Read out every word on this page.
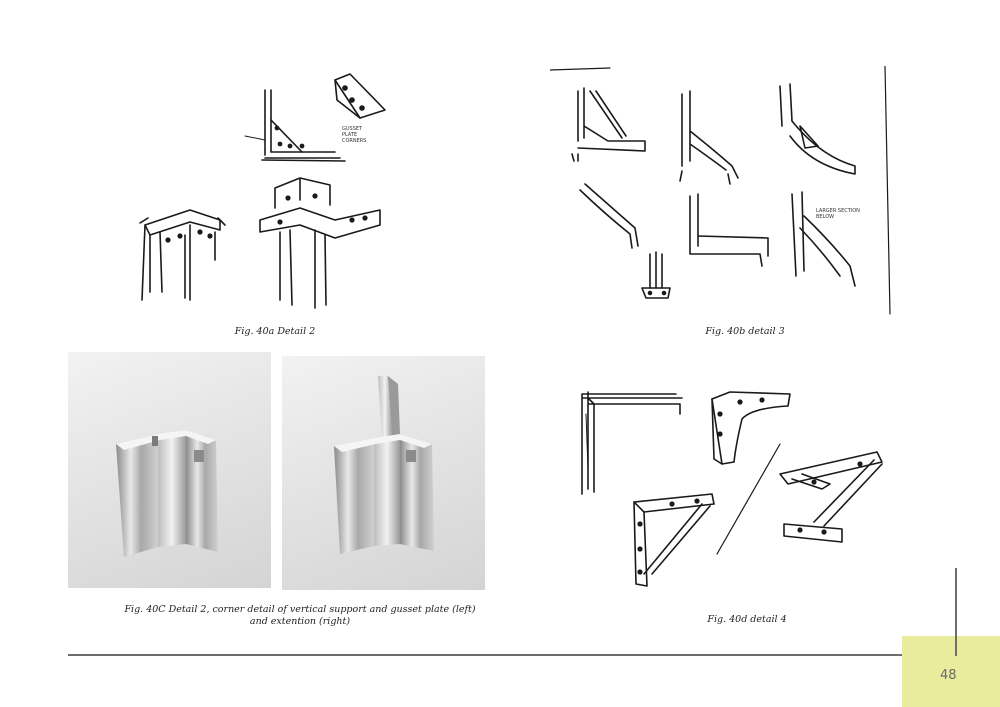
GUSSET
PLATE
CORNERS
Fig. 40a Detail 2
LARGER SECTION
BELOW
Fig. 40b detail 3
Fig. 40C Detail 2, corner detail of vertical support and gusset plate (left) and extention (right)	Fig. 40d detail 4
48
